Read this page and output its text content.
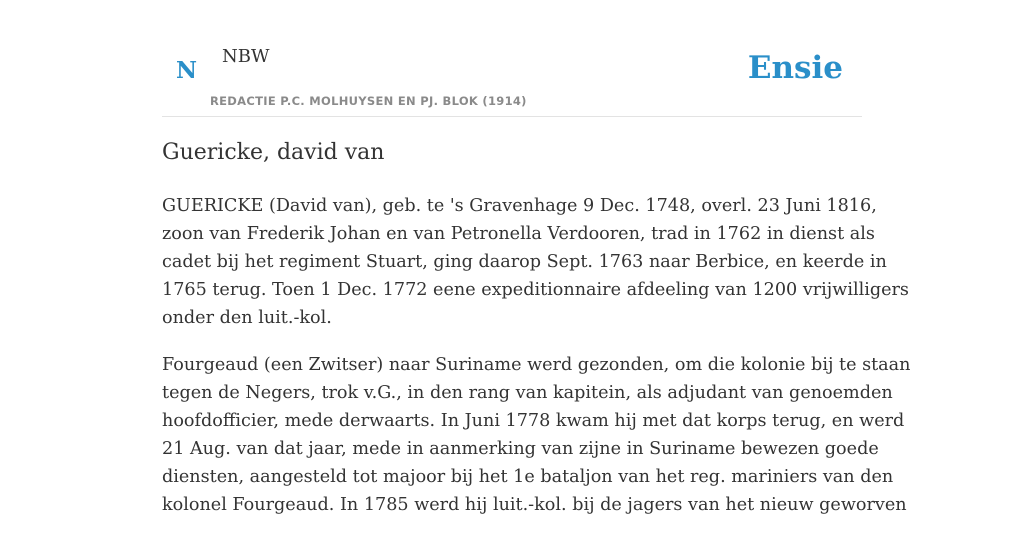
N
NBW
REDACTIE P.C. MOLHUYSEN EN PJ. BLOK (1914)
Ensie
Guericke, david van

GUERICKE (David van), geb. te 's Gravenhage 9 Dec. 1748, overl. 23 Juni 1816,
zoon van Frederik Johan en van Petronella Verdooren, trad in 1762 in dienst als
cadet bij het regiment Stuart, ging daarop Sept. 1763 naar Berbice, en keerde in
1765 terug. Toen 1 Dec. 1772 eene expeditionnaire afdeeling van 1200 vrijwilligers
onder den luit.-kol.

Fourgeaud (een Zwitser) naar Suriname werd gezonden, om die kolonie bij te staan
tegen de Negers, trok v.G., in den rang van kapitein, als adjudant van genoemden
hoofdofficier, mede derwaarts. In Juni 1778 kwam hij met dat korps terug, en werd
21 Aug. van dat jaar, mede in aanmerking van zijne in Suriname bewezen goede
diensten, aangesteld tot majoor bij het 1e bataljon van het reg. mariniers van den
kolonel Fourgeaud. In 1785 werd hij luit.-kol. bij de jagers van het nieuw geworven
